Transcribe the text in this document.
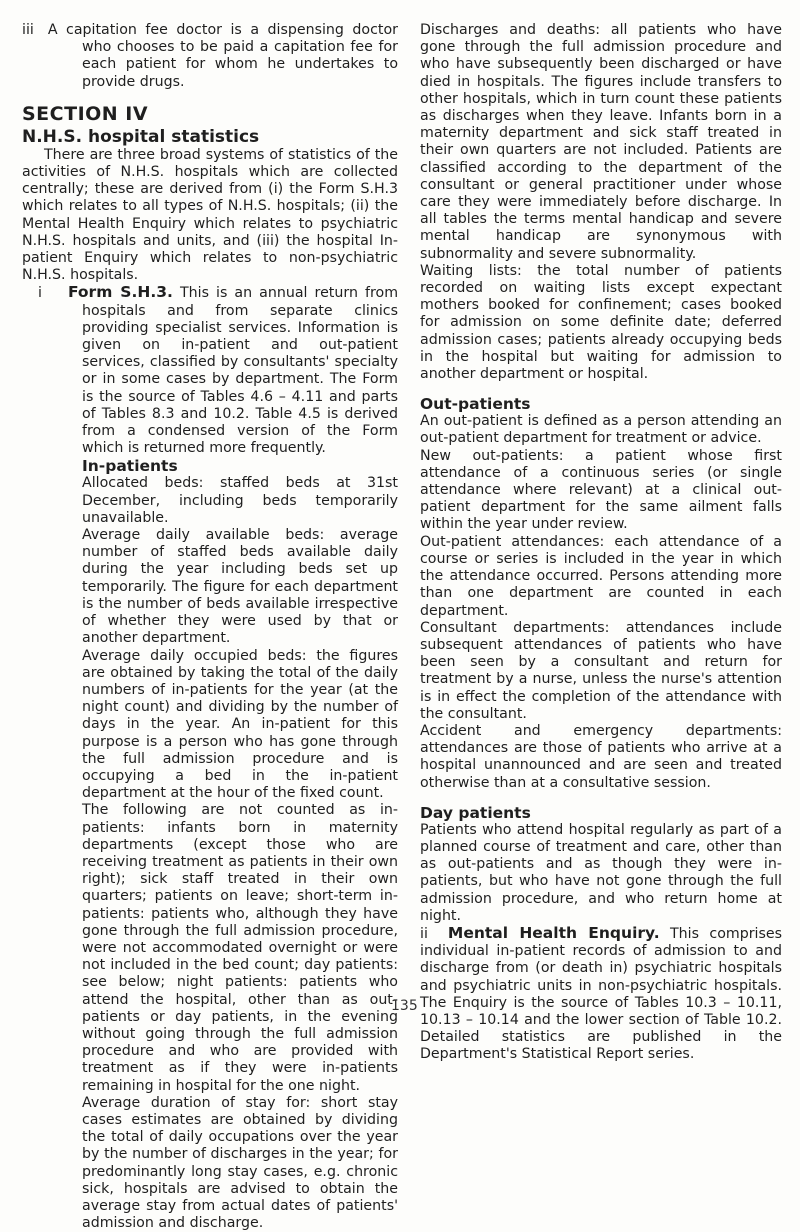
iii A capitation fee doctor is a dispensing doctor who chooses to be paid a capitation fee for each patient for whom he undertakes to provide drugs.

SECTION IV
N.H.S. hospital statistics

There are three broad systems of statistics of the activities of N.H.S. hospitals which are collected centrally; these are derived from (i) the Form S.H.3 which relates to all types of N.H.S. hospitals; (ii) the Mental Health Enquiry which relates to psychiatric N.H.S. hospitals and units, and (iii) the hospital In-patient Enquiry which relates to non-psychiatric N.H.S. hospitals.

i Form S.H.3. This is an annual return from hospitals and from separate clinics providing specialist services. Information is given on in-patient and out-patient services, classified by consultants' specialty or in some cases by department. The Form is the source of Tables 4.6 – 4.11 and parts of Tables 8.3 and 10.2. Table 4.5 is derived from a condensed version of the Form which is returned more frequently.

In-patients

Allocated beds: staffed beds at 31st December, including beds temporarily unavailable.

Average daily available beds: average number of staffed beds available daily during the year including beds set up temporarily. The figure for each department is the number of beds available irrespective of whether they were used by that or another department.

Average daily occupied beds: the figures are obtained by taking the total of the daily numbers of in-patients for the year (at the night count) and dividing by the number of days in the year. An in-patient for this purpose is a person who has gone through the full admission procedure and is occupying a bed in the in-patient department at the hour of the fixed count.

The following are not counted as in-patients: infants born in maternity departments (except those who are receiving treatment as patients in their own right); sick staff treated in their own quarters; patients on leave; short-term in-patients: patients who, although they have gone through the full admission procedure, were not accommodated overnight or were not included in the bed count; day patients: see below; night patients: patients who attend the hospital, other than as out-patients or day patients, in the evening without going through the full admission procedure and who are provided with treatment as if they were in-patients remaining in hospital for the one night.

Average duration of stay for: short stay cases estimates are obtained by dividing the total of daily occupations over the year by the number of discharges in the year; for predominantly long stay cases, e.g. chronic sick, hospitals are advised to obtain the average stay from actual dates of patients' admission and discharge.

Discharges and deaths: all patients who have gone through the full admission procedure and who have subsequently been discharged or have died in hospitals. The figures include transfers to other hospitals, which in turn count these patients as discharges when they leave. Infants born in a maternity department and sick staff treated in their own quarters are not included. Patients are classified according to the department of the consultant or general practitioner under whose care they were immediately before discharge. In all tables the terms mental handicap and severe mental handicap are synonymous with subnormality and severe subnormality.

Waiting lists: the total number of patients recorded on waiting lists except expectant mothers booked for confinement; cases booked for admission on some definite date; deferred admission cases; patients already occupying beds in the hospital but waiting for admission to another department or hospital.

Out-patients

An out-patient is defined as a person attending an out-patient department for treatment or advice.

New out-patients: a patient whose first attendance of a continuous series (or single attendance where relevant) at a clinical out-patient department for the same ailment falls within the year under review.

Out-patient attendances: each attendance of a course or series is included in the year in which the attendance occurred. Persons attending more than one department are counted in each department.

Consultant departments: attendances include subsequent attendances of patients who have been seen by a consultant and return for treatment by a nurse, unless the nurse's attention is in effect the completion of the attendance with the consultant.

Accident and emergency departments: attendances are those of patients who arrive at a hospital unannounced and are seen and treated otherwise than at a consultative session.

Day patients

Patients who attend hospital regularly as part of a planned course of treatment and care, other than as out-patients and as though they were in-patients, but who have not gone through the full admission procedure, and who return home at night.

ii Mental Health Enquiry. This comprises individual in-patient records of admission to and discharge from (or death in) psychiatric hospitals and psychiatric units in non-psychiatric hospitals. The Enquiry is the source of Tables 10.3 – 10.11, 10.13 – 10.14 and the lower section of Table 10.2. Detailed statistics are published in the Department's Statistical Report series.

135
